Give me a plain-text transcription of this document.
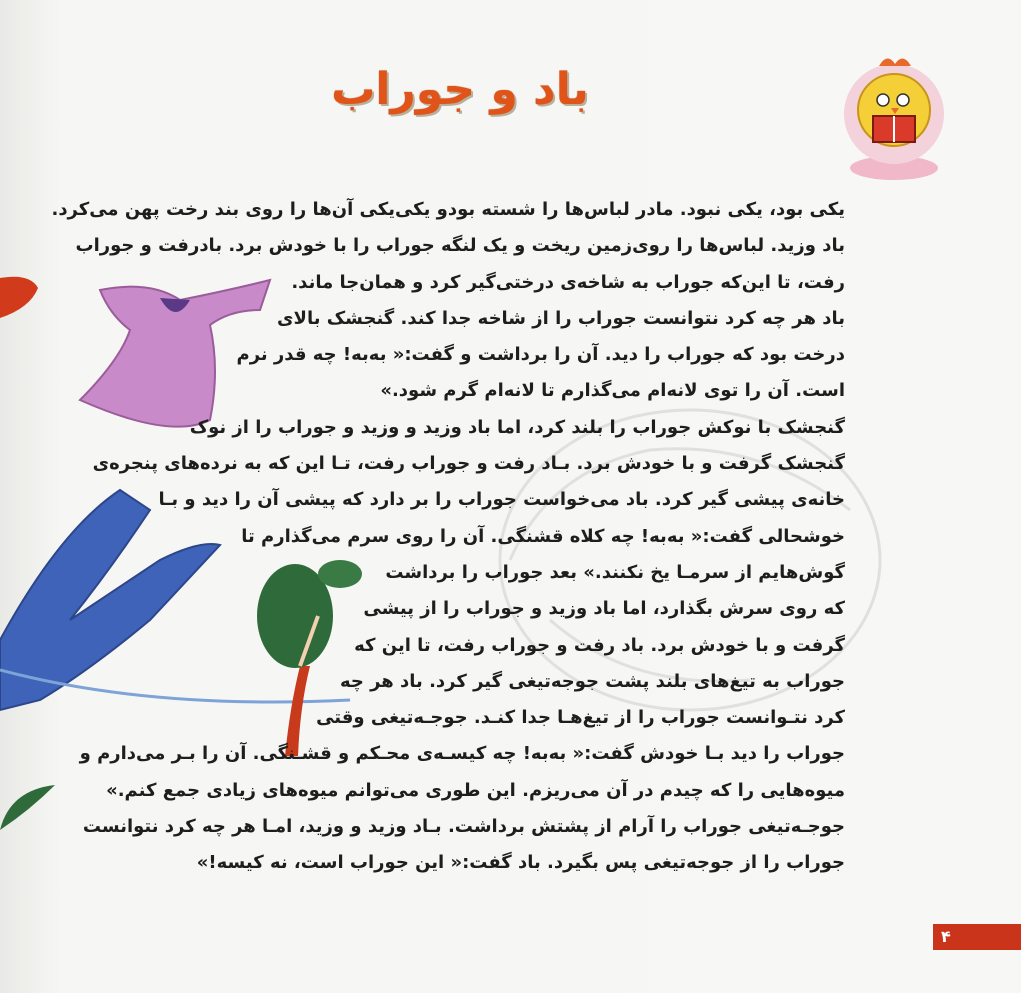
باد و جوراب
یکی بود، یکی نبود. مادر لباس‌ها را شسته بودو یکی‌یکی آن‌ها را روی بند رخت پهن می‌کرد.
باد وزید. لباس‌ها را روی‌زمین ریخت و یک لنگه جوراب را با خودش برد. بادرفت و جوراب
رفت، تا این‌که جوراب به شاخه‌ی درختی‌گیر کرد و همان‌جا ماند.
باد هر چه کرد نتوانست جوراب را از شاخه جدا کند. گنجشک بالای
درخت بود که جوراب را دید. آن را برداشت و گفت:« به‌به! چه قدر نرم
است. آن را توی لانه‌ام می‌گذارم تا لانه‌ام گرم شود.»
گنجشک با نوکش جوراب را بلند کرد، اما باد وزید و وزید و جوراب را از نوک
گنجشک گرفت و با خودش برد. بـاد رفت و جوراب رفت، تـا این که به نرده‌های پنجره‌ی
خانه‌ی پیشی گیر کرد. باد می‌خواست جوراب را بر دارد که پیشی آن را دید و بـا
خوشحالی گفت:« به‌به! چه کلاه قشنگی. آن را روی سرم می‌گذارم تا
گوش‌هایم از سرمـا یخ نکنند.» بعد جوراب را برداشت
که روی سرش بگذارد، اما باد وزید و جوراب را از پیشی
گرفت و با خودش برد. باد رفت و جوراب رفت، تا این که
جوراب به تیغ‌های بلند پشت جوجه‌تیغی گیر کرد. باد هر چه
کرد نتـوانست جوراب را از تیغ‌هـا جدا کنـد. جوجـه‌تیغی وقتی
جوراب را دید بـا خودش گفت:« به‌به! چه کیسـه‌ی محـکم و قشـنگی. آن را بـر می‌دارم و
میوه‌هایی را که چیدم در آن می‌ریزم. این طوری می‌توانم میوه‌های زیادی جمع کنم.»
جوجـه‌تیغی جوراب را آرام از پشتش برداشت. بـاد وزید و وزید، امـا هر چه کرد نتوانست
جوراب را از جوجه‌تیغی پس بگیرد. باد گفت:« این جوراب است، نه کیسه!»
۴
